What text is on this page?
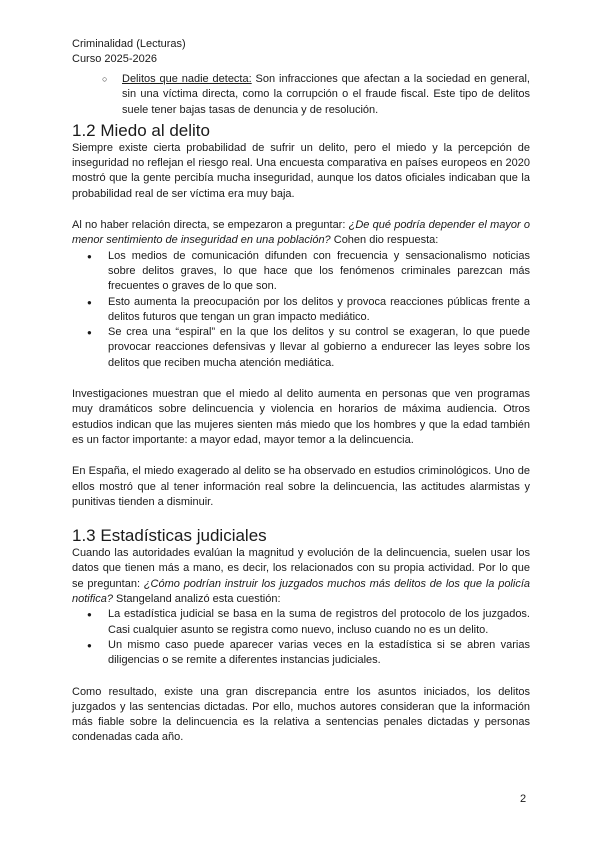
Criminalidad (Lecturas)
Curso 2025-2026
○ Delitos que nadie detecta: Son infracciones que afectan a la sociedad en general, sin una víctima directa, como la corrupción o el fraude fiscal. Este tipo de delitos suele tener bajas tasas de denuncia y de resolución.
1.2 Miedo al delito

Siempre existe cierta probabilidad de sufrir un delito, pero el miedo y la percepción de inseguridad no reflejan el riesgo real. Una encuesta comparativa en países europeos en 2020 mostró que la gente percibía mucha inseguridad, aunque los datos oficiales indicaban que la probabilidad real de ser víctima era muy baja.

Al no haber relación directa, se empezaron a preguntar: ¿De qué podría depender el mayor o menor sentimiento de inseguridad en una población? Cohen dio respuesta:

● Los medios de comunicación difunden con frecuencia y sensacionalismo noticias sobre delitos graves, lo que hace que los fenómenos criminales parezcan más frecuentes o graves de lo que son.
● Esto aumenta la preocupación por los delitos y provoca reacciones públicas frente a delitos futuros que tengan un gran impacto mediático.
● Se crea una “espiral” en la que los delitos y su control se exageran, lo que puede provocar reacciones defensivas y llevar al gobierno a endurecer las leyes sobre los delitos que reciben mucha atención mediática.

Investigaciones muestran que el miedo al delito aumenta en personas que ven programas muy dramáticos sobre delincuencia y violencia en horarios de máxima audiencia. Otros estudios indican que las mujeres sienten más miedo que los hombres y que la edad también es un factor importante: a mayor edad, mayor temor a la delincuencia.

En España, el miedo exagerado al delito se ha observado en estudios criminológicos. Uno de ellos mostró que al tener información real sobre la delincuencia, las actitudes alarmistas y punitivas tienden a disminuir.

1.3 Estadísticas judiciales

Cuando las autoridades evalúan la magnitud y evolución de la delincuencia, suelen usar los datos que tienen más a mano, es decir, los relacionados con su propia actividad. Por lo que se preguntan: ¿Cómo podrían instruir los juzgados muchos más delitos de los que la policía notifica? Stangeland analizó esta cuestión:

● La estadística judicial se basa en la suma de registros del protocolo de los juzgados. Casi cualquier asunto se registra como nuevo, incluso cuando no es un delito.
● Un mismo caso puede aparecer varias veces en la estadística si se abren varias diligencias o se remite a diferentes instancias judiciales.

Como resultado, existe una gran discrepancia entre los asuntos iniciados, los delitos juzgados y las sentencias dictadas. Por ello, muchos autores consideran que la información más fiable sobre la delincuencia es la relativa a sentencias penales dictadas y personas condenadas cada año.

2
